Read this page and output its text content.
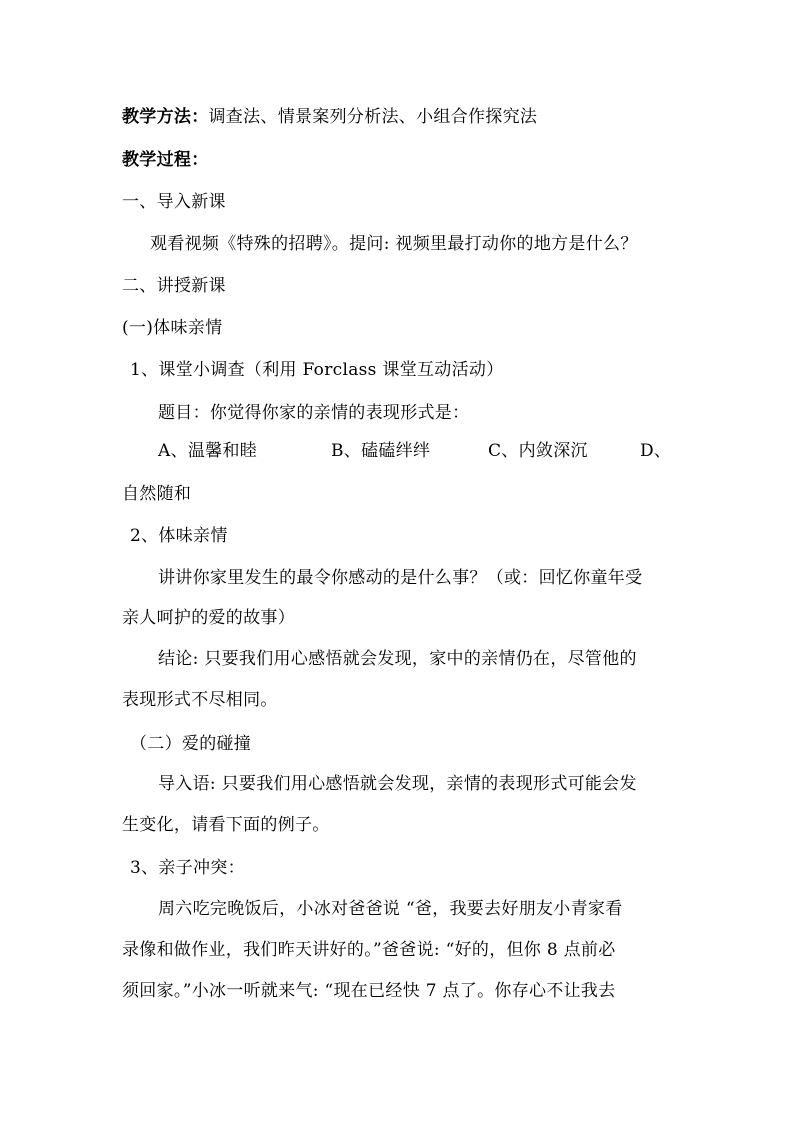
教学方法：调查法、情景案列分析法、小组合作探究法
教学过程：
一、导入新课
观看视频《特殊的招聘》。提问: 视频里最打动你的地方是什么？
二、讲授新课
(一)体味亲情
1、课堂小调查（利用 Forclass 课堂互动活动）
题目：你觉得你家的亲情的表现形式是：
A、温馨和睦	B、磕磕绊绊	C、内敛深沉	D、
自然随和
2、体味亲情
讲讲你家里发生的最令你感动的是什么事？（或：回忆你童年受
亲人呵护的爱的故事）
结论: 只要我们用心感悟就会发现，家中的亲情仍在，尽管他的
表现形式不尽相同。
（二）爱的碰撞
导入语: 只要我们用心感悟就会发现，亲情的表现形式可能会发
生变化，请看下面的例子。
3、亲子冲突：
周六吃完晚饭后，小冰对爸爸说 “爸，我要去好朋友小青家看
录像和做作业，我们昨天讲好的。”爸爸说: “好的，但你 8 点前必
须回家。”小冰一听就来气: “现在已经快 7 点了。你存心不让我去
